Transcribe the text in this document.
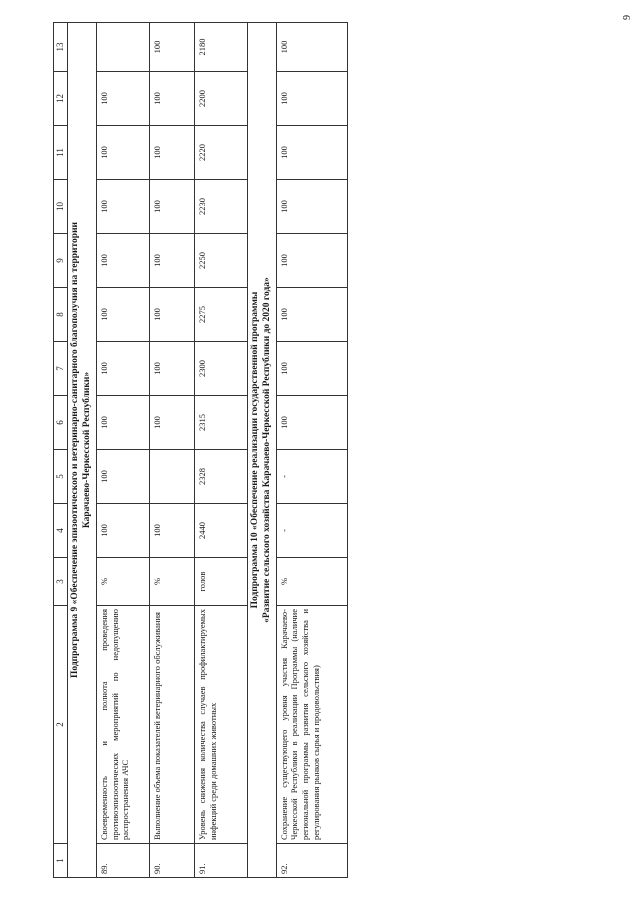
9
1	2	3	4	5	6	7	8	9	10	11	12	13

Подпрограмма 9 «Обеспечение эпизоотического и ветеринарно-санитарного благополучия на территории Карачаево-Черкесской Республики»												

89.	Своевременность и полнота проведения противоэпизоотических мероприятий по недопущению распространения АЧС	%	100	100	100	100	100	100	100	100	100	
90.	Выполнение объема показателей ветеринарного обслуживания	%	100		100	100	100	100	100	100	100	100
91.	Уровень снижения количества случаев профилактируемых инфекций среди домашних животных	голов	2440	2328	2315	2300	2275	2250	2230	2220	2200	2180

Подпрограмма 10 «Обеспечение реализации государственной программы «Развитие сельского хозяйства Карачаево-Черкесской Республики до 2020 года»												

92.	Сохранение существующего уровня участия Карачаево-Черкесской Республики в реализации Программы (наличие региональной программы развития сельского хозяйства и регулирования рынков сырья и продовольствия)	%	-	-	100	100	100	100	100	100	100	100
